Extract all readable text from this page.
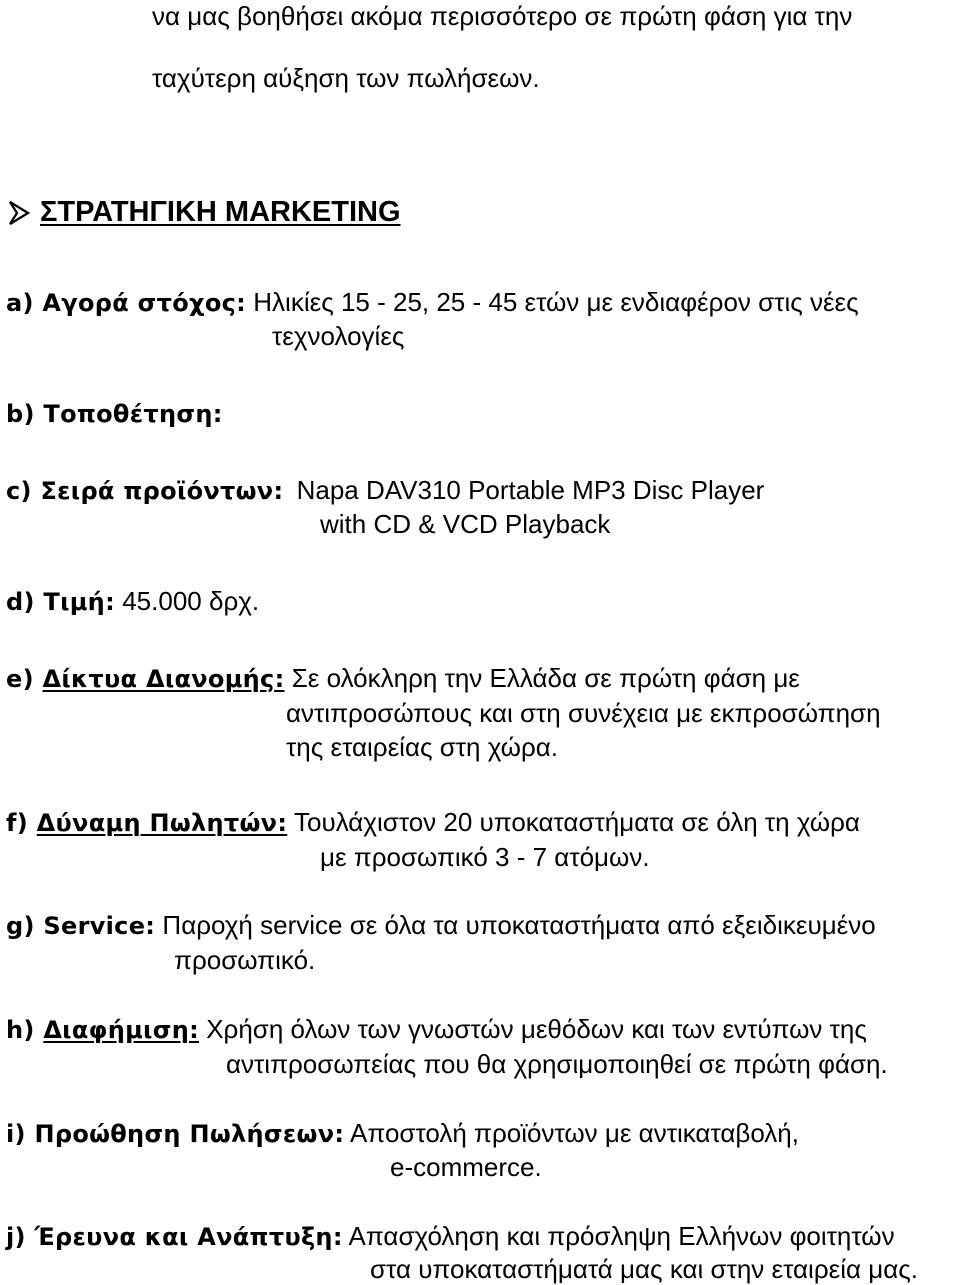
να μας βοηθήσει ακόμα περισσότερο σε πρώτη φάση για την
ταχύτερη αύξηση των πωλήσεων.
ΣΤΡΑΤΗΓΙΚΗ MARKETING
a) Αγορά στόχος: Ηλικίες 15 - 25, 25 - 45 ετών με ενδιαφέρον στις νέες
τεχνολογίες
b) Τοποθέτηση:
c) Σειρά προϊόντων: Napa DAV310 Portable MP3 Disc Player
with CD & VCD Playback
d) Τιμή: 45.000 δρχ.
e) Δίκτυα Διανομής: Σε ολόκληρη την Ελλάδα σε πρώτη φάση με
αντιπροσώπους και στη συνέχεια με εκπροσώπηση
της εταιρείας στη χώρα.
f) Δύναμη Πωλητών: Τουλάχιστον 20 υποκαταστήματα σε όλη τη χώρα
με προσωπικό 3 - 7 ατόμων.
g) Service: Παροχή service σε όλα τα υποκαταστήματα από εξειδικευμένο
προσωπικό.
h) Διαφήμιση: Χρήση όλων των γνωστών μεθόδων και των εντύπων της
αντιπροσωπείας που θα χρησιμοποιηθεί σε πρώτη φάση.
i) Προώθηση Πωλήσεων: Αποστολή προϊόντων με αντικαταβολή,
e-commerce.
j) Έρευνα και Ανάπτυξη: Απασχόληση και πρόσληψη Ελλήνων φοιτητών
στα υποκαταστήματά μας και στην εταιρεία μας.
